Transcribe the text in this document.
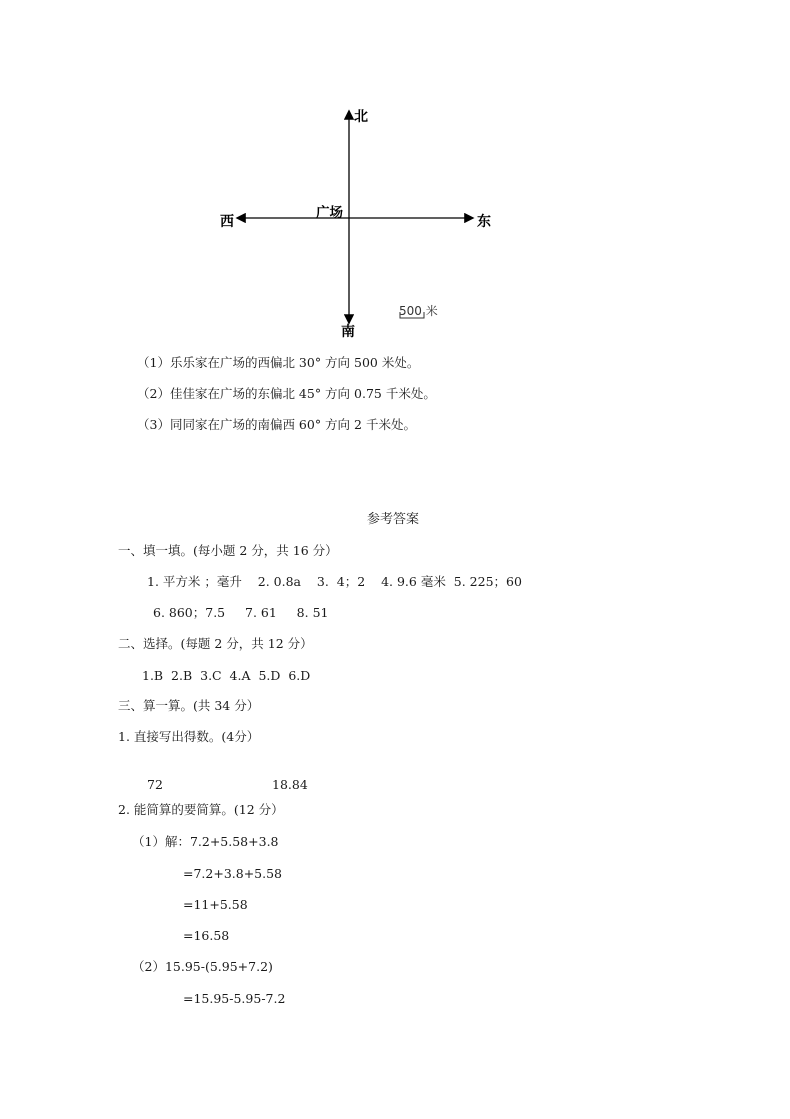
北
南
东
西
广场
500 米
（1）乐乐家在广场的西偏北 30° 方向 500 米处。
（2）佳佳家在广场的东偏北 45° 方向 0.75 千米处。
（3）同同家在广场的南偏西 60° 方向 2 千米处。
参考答案
一、填一填。(每小题 2 分，共 16 分）
1. 平方米 ；毫升    2. 0.8a    3.  4；2    4. 9.6 毫米  5. 225；60
6. 860；7.5     7. 61     8. 51
二、选择。(每题 2 分，共 12 分）
1.B  2.B  3.C  4.A  5.D  6.D
三、算一算。(共 34 分）
1. 直接写出得数。(4分）
72	18.84
2. 能简算的要简算。(12 分）
（1）解：7.2+5.58+3.8
=7.2+3.8+5.58
=11+5.58
=16.58
（2）15.95-(5.95+7.2)
=15.95-5.95-7.2
